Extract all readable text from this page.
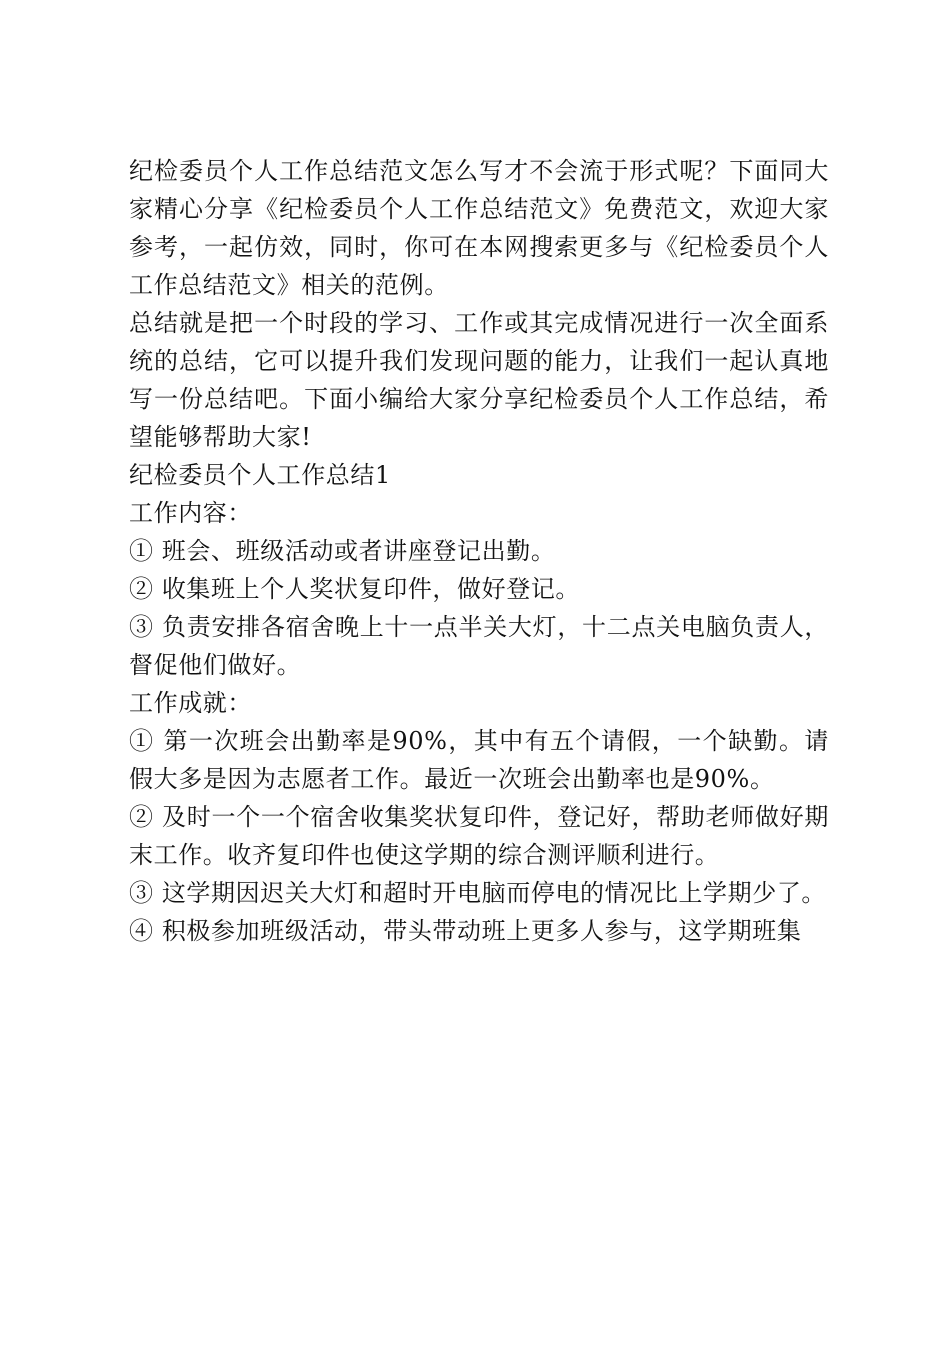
纪检委员个人工作总结范文怎么写才不会流于形式呢？下面同大家精心分享《纪检委员个人工作总结范文》免费范文，欢迎大家参考，一起仿效，同时，你可在本网搜索更多与《纪检委员个人工作总结范文》相关的范例。

总结就是把一个时段的学习、工作或其完成情况进行一次全面系统的总结，它可以提升我们发现问题的能力，让我们一起认真地写一份总结吧。下面小编给大家分享纪检委员个人工作总结，希望能够帮助大家!

纪检委员个人工作总结1

工作内容：

① 班会、班级活动或者讲座登记出勤。

② 收集班上个人奖状复印件，做好登记。

③ 负责安排各宿舍晚上十一点半关大灯，十二点关电脑负责人，督促他们做好。

工作成就：

① 第一次班会出勤率是90%，其中有五个请假，一个缺勤。请假大多是因为志愿者工作。最近一次班会出勤率也是90%。

② 及时一个一个宿舍收集奖状复印件，登记好，帮助老师做好期末工作。收齐复印件也使这学期的综合测评顺利进行。

③ 这学期因迟关大灯和超时开电脑而停电的情况比上学期少了。

④ 积极参加班级活动，带头带动班上更多人参与，这学期班集
